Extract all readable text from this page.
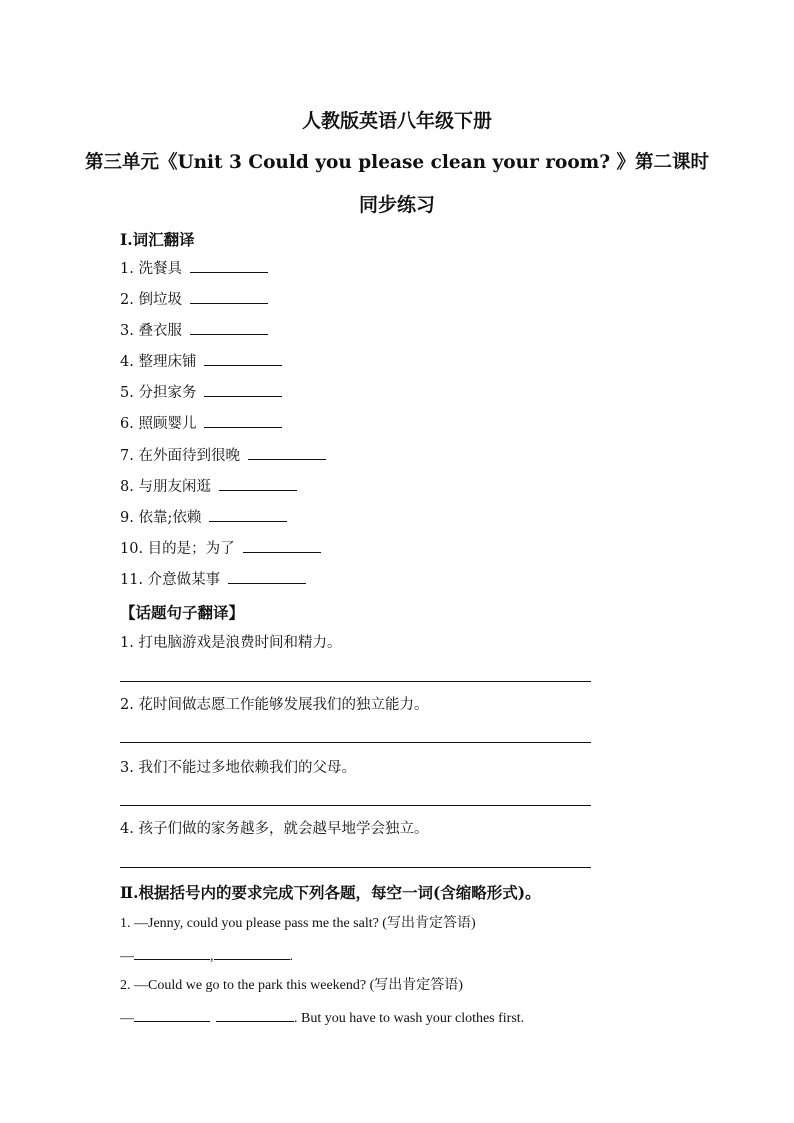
人教版英语八年级下册
第三单元《Unit 3 Could you please clean your room? 》第二课时
同步练习
Ⅰ.词汇翻译
1. 洗餐具
2. 倒垃圾
3. 叠衣服
4. 整理床铺
5. 分担家务
6. 照顾婴儿
7. 在外面待到很晚
8. 与朋友闲逛
9. 依靠;依赖
10. 目的是；为了
11. 介意做某事
【话题句子翻译】
1. 打电脑游戏是浪费时间和精力。
2. 花时间做志愿工作能够发展我们的独立能力。
3. 我们不能过多地依赖我们的父母。
4. 孩子们做的家务越多，就会越早地学会独立。
Ⅱ.根据括号内的要求完成下列各题，每空一词(含缩略形式)。
1. —Jenny, could you please pass me the salt? (写出肯定答语)
—	,	.
2. —Could we go to the park this weekend? (写出肯定答语)
—	. But you have to wash your clothes first.
